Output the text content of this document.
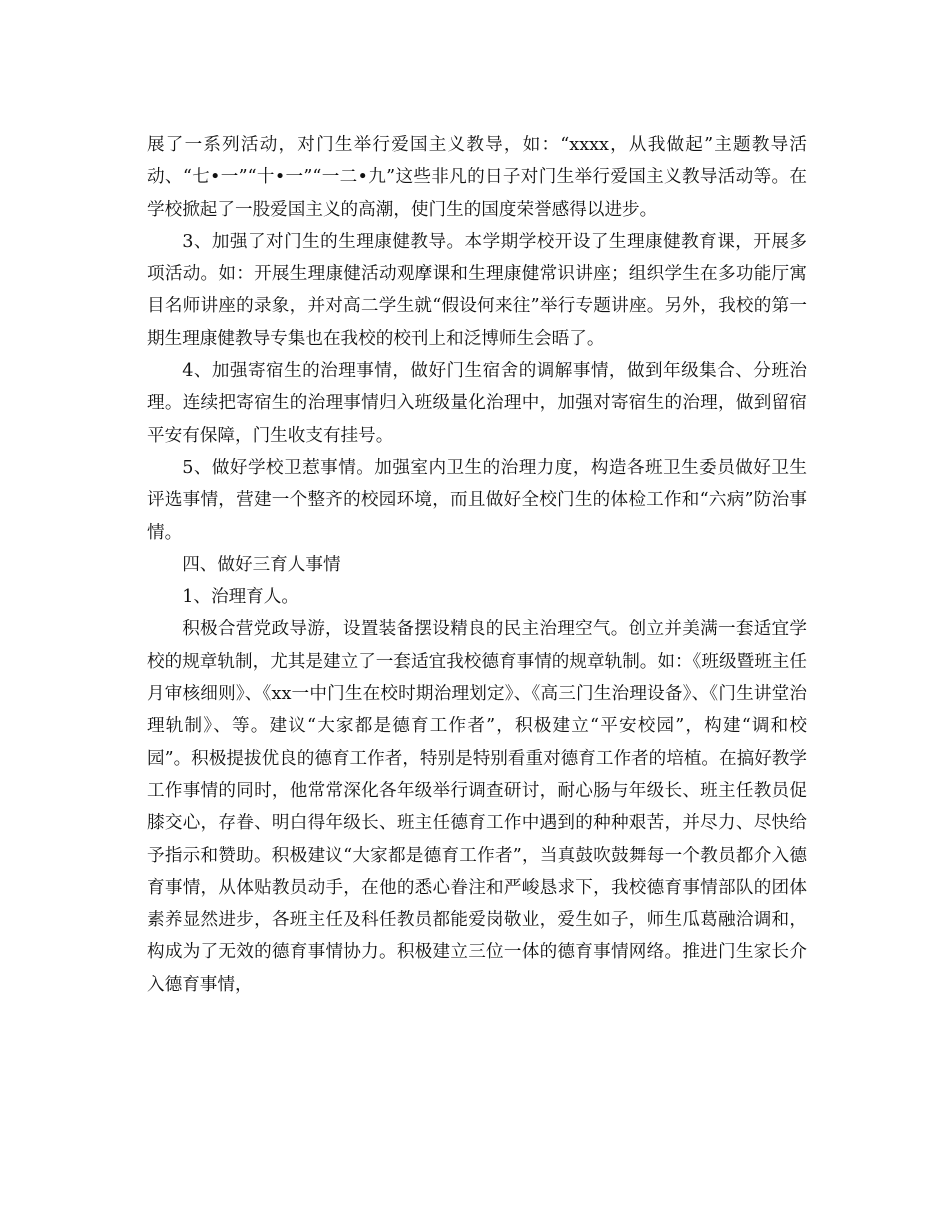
展了一系列活动，对门生举行爱国主义教导，如：“xxxx，从我做起”主题教导活动、“七•一”“十•一”“一二•九”这些非凡的日子对门生举行爱国主义教导活动等。在学校掀起了一股爱国主义的高潮，使门生的国度荣誉感得以进步。

3、加强了对门生的生理康健教导。本学期学校开设了生理康健教育课，开展多项活动。如：开展生理康健活动观摩课和生理康健常识讲座；组织学生在多功能厅寓目名师讲座的录象，并对高二学生就“假设何来往”举行专题讲座。另外，我校的第一期生理康健教导专集也在我校的校刊上和泛博师生会晤了。

4、加强寄宿生的治理事情，做好门生宿舍的调解事情，做到年级集合、分班治理。连续把寄宿生的治理事情归入班级量化治理中，加强对寄宿生的治理，做到留宿平安有保障，门生收支有挂号。

5、做好学校卫惹事情。加强室内卫生的治理力度，构造各班卫生委员做好卫生评选事情，营建一个整齐的校园环境，而且做好全校门生的体检工作和“六病”防治事情。

四、做好三育人事情

1、治理育人。

积极合营党政导游，设置装备摆设精良的民主治理空气。创立并美满一套适宜学校的规章轨制，尤其是建立了一套适宜我校德育事情的规章轨制。如：《班级暨班主任月审核细则》、《xx一中门生在校时期治理划定》、《高三门生治理设备》、《门生讲堂治理轨制》、等。建议“大家都是德育工作者”，积极建立“平安校园”，构建“调和校园”。积极提拔优良的德育工作者，特别是特别看重对德育工作者的培植。在搞好教学工作事情的同时，他常常深化各年级举行调查研讨，耐心肠与年级长、班主任教员促膝交心，存眷、明白得年级长、班主任德育工作中遇到的种种艰苦，并尽力、尽快给予指示和赞助。积极建议“大家都是德育工作者”，当真鼓吹鼓舞每一个教员都介入德育事情，从体贴教员动手，在他的悉心眷注和严峻恳求下，我校德育事情部队的团体素养显然进步，各班主任及科任教员都能爱岗敬业，爱生如子，师生瓜葛融洽调和，构成为了无效的德育事情协力。积极建立三位一体的德育事情网络。推进门生家长介入德育事情，
